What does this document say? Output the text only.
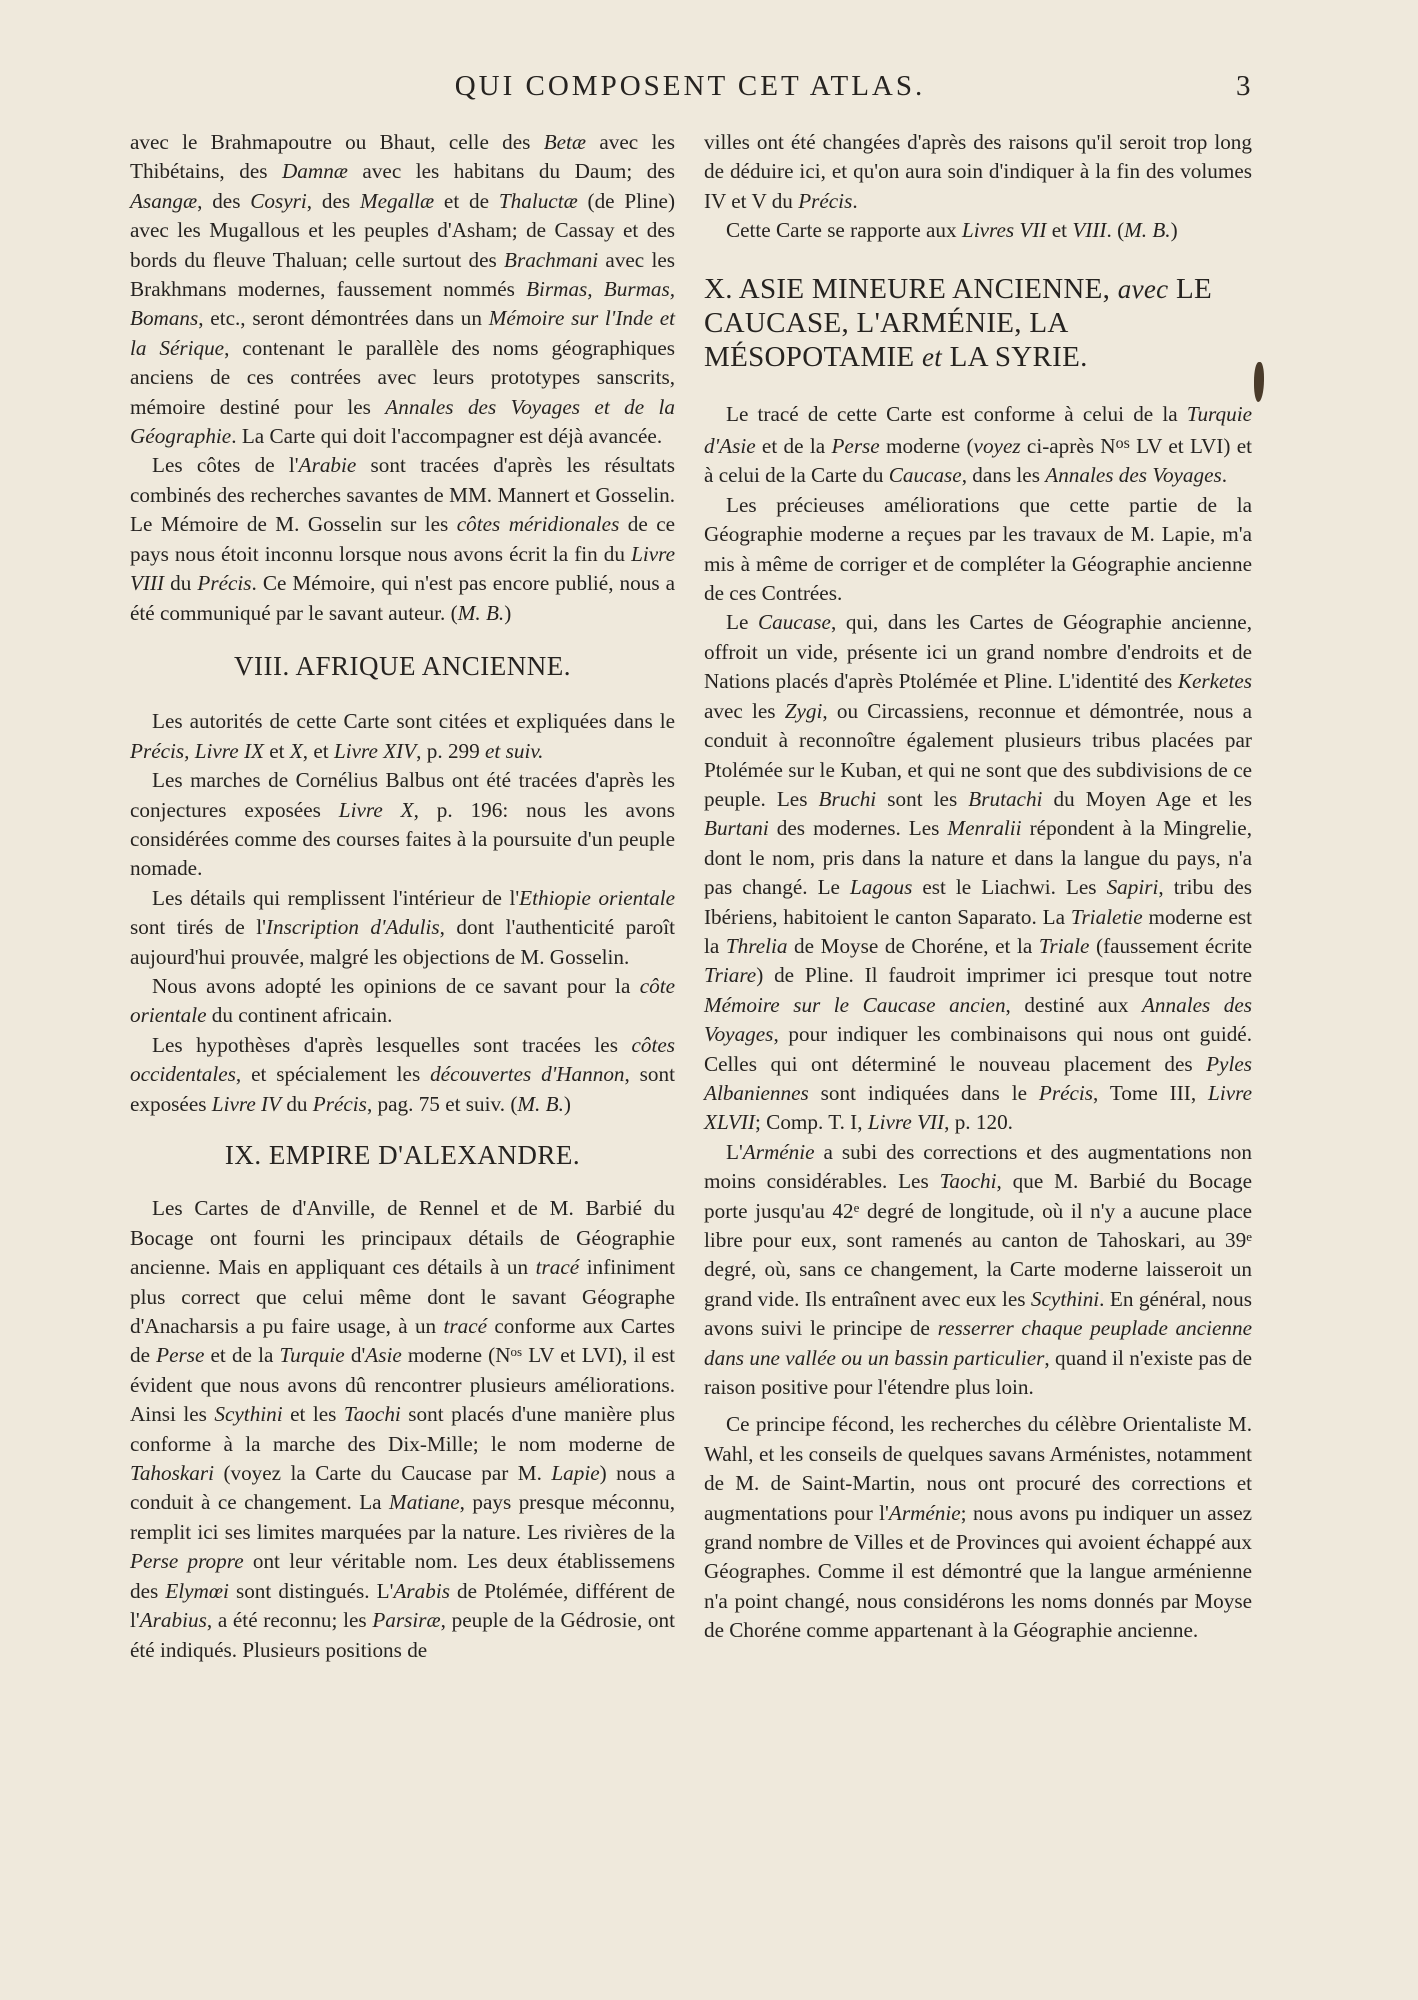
QUI COMPOSENT CET ATLAS.	3

avec le Brahmapoutre ou Bhaut, celle des Betæ avec les Thibétains, des Damnæ avec les habitans du Daum; des Asangæ, des Cosyri, des Megallæ et de Thaluctæ (de Pline) avec les Mugallous et les peuples d'Asham; de Cassay et des bords du fleuve Thaluan; celle surtout des Brachmani avec les Brakhmans modernes, faussement nommés Birmas, Burmas, Bomans, etc., seront démontrées dans un Mémoire sur l'Inde et la Sérique, contenant le parallèle des noms géographiques anciens de ces contrées avec leurs prototypes sanscrits, mémoire destiné pour les Annales des Voyages et de la Géographie. La Carte qui doit l'accompagner est déjà avancée.

Les côtes de l'Arabie sont tracées d'après les résultats combinés des recherches savantes de MM. Mannert et Gosselin. Le Mémoire de M. Gosselin sur les côtes méridionales de ce pays nous étoit inconnu lorsque nous avons écrit la fin du Livre VIII du Précis. Ce Mémoire, qui n'est pas encore publié, nous a été communiqué par le savant auteur. (M. B.)

VIII. AFRIQUE ANCIENNE.

Les autorités de cette Carte sont citées et expliquées dans le Précis, Livre IX et X, et Livre XIV, p. 299 et suiv.

Les marches de Cornélius Balbus ont été tracées d'après les conjectures exposées Livre X, p. 196: nous les avons considérées comme des courses faites à la poursuite d'un peuple nomade.

Les détails qui remplissent l'intérieur de l'Ethiopie orientale sont tirés de l'Inscription d'Adulis, dont l'authenticité paroît aujourd'hui prouvée, malgré les objections de M. Gosselin.

Nous avons adopté les opinions de ce savant pour la côte orientale du continent africain.

Les hypothèses d'après lesquelles sont tracées les côtes occidentales, et spécialement les découvertes d'Hannon, sont exposées Livre IV du Précis, pag. 75 et suiv. (M. B.)

IX. EMPIRE D'ALEXANDRE.

Les Cartes de d'Anville, de Rennel et de M. Barbié du Bocage ont fourni les principaux détails de Géographie ancienne. Mais en appliquant ces détails à un tracé infiniment plus correct que celui même dont le savant Géographe d'Anacharsis a pu faire usage, à un tracé conforme aux Cartes de Perse et de la Turquie d'Asie moderne ($N^{os}$ LV et LVI), il est évident que nous avons dû rencontrer plusieurs améliorations. Ainsi les Scythini et les Taochi sont placés d'une manière plus conforme à la marche des Dix-Mille; le nom moderne de Tahoskari (voyez la Carte du Caucase par M. Lapie) nous a conduit à ce changement. La Matiane, pays presque méconnu, remplit ici ses limites marquées par la nature. Les rivières de la Perse propre ont leur véritable nom. Les deux établissemens des Elymœi sont distingués. L'Arabis de Ptolémée, différent de l'Arabius, a été reconnu; les Parsiræ, peuple de la Gédrosie, ont été indiqués. Plusieurs positions de

villes ont été changées d'après des raisons qu'il seroit trop long de déduire ici, et qu'on aura soin d'indiquer à la fin des volumes IV et V du Précis.

Cette Carte se rapporte aux Livres VII et VIII. (M. B.)

X. ASIE MINEURE ANCIENNE, avec LE CAUCASE, L'ARMÉNIE, LA MÉSOPOTAMIE et LA SYRIE.

Le tracé de cette Carte est conforme à celui de la Turquie d'Asie et de la Perse moderne (voyez ci-après $N^{os}$ LV et LVI) et à celui de la Carte du Caucase, dans les Annales des Voyages.

Les précieuses améliorations que cette partie de la Géographie moderne a reçues par les travaux de M. Lapie, m'a mis à même de corriger et de compléter la Géographie ancienne de ces Contrées.

Le Caucase, qui, dans les Cartes de Géographie ancienne, offroit un vide, présente ici un grand nombre d'endroits et de Nations placés d'après Ptolémée et Pline. L'identité des Kerketes avec les Zygi, ou Circassiens, reconnue et démontrée, nous a conduit à reconnoître également plusieurs tribus placées par Ptolémée sur le Kuban, et qui ne sont que des subdivisions de ce peuple. Les Bruchi sont les Brutachi du Moyen Age et les Burtani des modernes. Les Menralii répondent à la Mingrelie, dont le nom, pris dans la nature et dans la langue du pays, n'a pas changé. Le Lagous est le Liachwi. Les Sapiri, tribu des Ibériens, habitoient le canton Saparato. La Trialetie moderne est la Threlia de Moyse de Choréne, et la Triale (faussement écrite Triare) de Pline. Il faudroit imprimer ici presque tout notre Mémoire sur le Caucase ancien, destiné aux Annales des Voyages, pour indiquer les combinaisons qui nous ont guidé. Celles qui ont déterminé le nouveau placement des Pyles Albaniennes sont indiquées dans le Précis, Tome III, Livre XLVII; Comp. T. I, Livre VII, p. 120.

L'Arménie a subi des corrections et des augmentations non moins considérables. Les Taochi, que M. Barbié du Bocage porte jusqu'au 42e degré de longitude, où il n'y a aucune place libre pour eux, sont ramenés au canton de Tahoskari, au 39e degré, où, sans ce changement, la Carte moderne laisseroit un grand vide. Ils entraînent avec eux les Scythini. En général, nous avons suivi le principe de resserrer chaque peuplade ancienne dans une vallée ou un bassin particulier, quand il n'existe pas de raison positive pour l'étendre plus loin.

Ce principe fécond, les recherches du célèbre Orientaliste M. Wahl, et les conseils de quelques savans Arménistes, notamment de M. de Saint-Martin, nous ont procuré des corrections et augmentations pour l'Arménie; nous avons pu indiquer un assez grand nombre de Villes et de Provinces qui avoient échappé aux Géographes. Comme il est démontré que la langue arménienne n'a point changé, nous considérons les noms donnés par Moyse de Choréne comme appartenant à la Géographie ancienne.
